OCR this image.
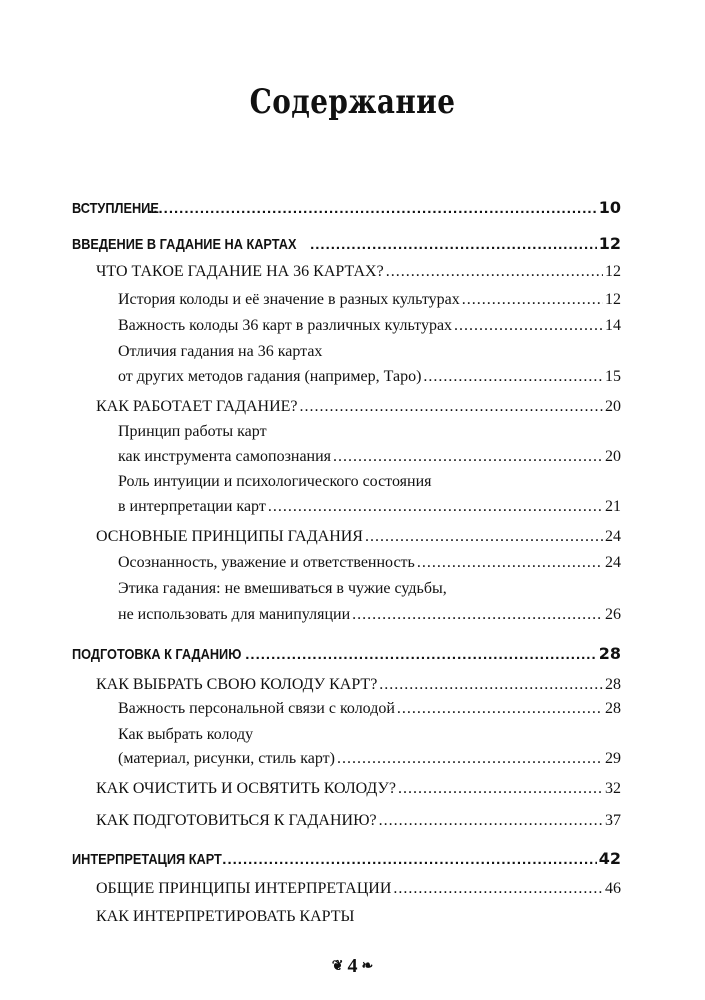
Содержание
ВСТУПЛЕНИЕ .....	10
ВВЕДЕНИЕ В ГАДАНИЕ НА КАРТАХ .....	12
ЧТО ТАКОЕ ГАДАНИЕ НА 36 КАРТАХ? .....	12
История колоды и её значение в разных культурах .....	12
Важность колоды 36 карт в различных культурах .....	14
Отличия гадания на 36 картах
от других методов гадания (например, Таро) .....	15
КАК РАБОТАЕТ ГАДАНИЕ? .....	20
Принцип работы карт
как инструмента самопознания .....	20
Роль интуиции и психологического состояния
в интерпретации карт .....	21
ОСНОВНЫЕ ПРИНЦИПЫ ГАДАНИЯ .....	24
Осознанность, уважение и ответственность .....	24
Этика гадания: не вмешиваться в чужие судьбы,
не использовать для манипуляции .....	26
ПОДГОТОВКА К ГАДАНИЮ .....	28
КАК ВЫБРАТЬ СВОЮ КОЛОДУ КАРТ? .....	28
Важность персональной связи с колодой .....	28
Как выбрать колоду
(материал, рисунки, стиль карт) .....	29
КАК ОЧИСТИТЬ И ОСВЯТИТЬ КОЛОДУ? .....	32
КАК ПОДГОТОВИТЬСЯ К ГАДАНИЮ? .....	37
ИНТЕРПРЕТАЦИЯ КАРТ .....	42
ОБЩИЕ ПРИНЦИПЫ ИНТЕРПРЕТАЦИИ .....	46
КАК ИНТЕРПРЕТИРОВАТЬ КАРТЫ
❦ 4 ❧
